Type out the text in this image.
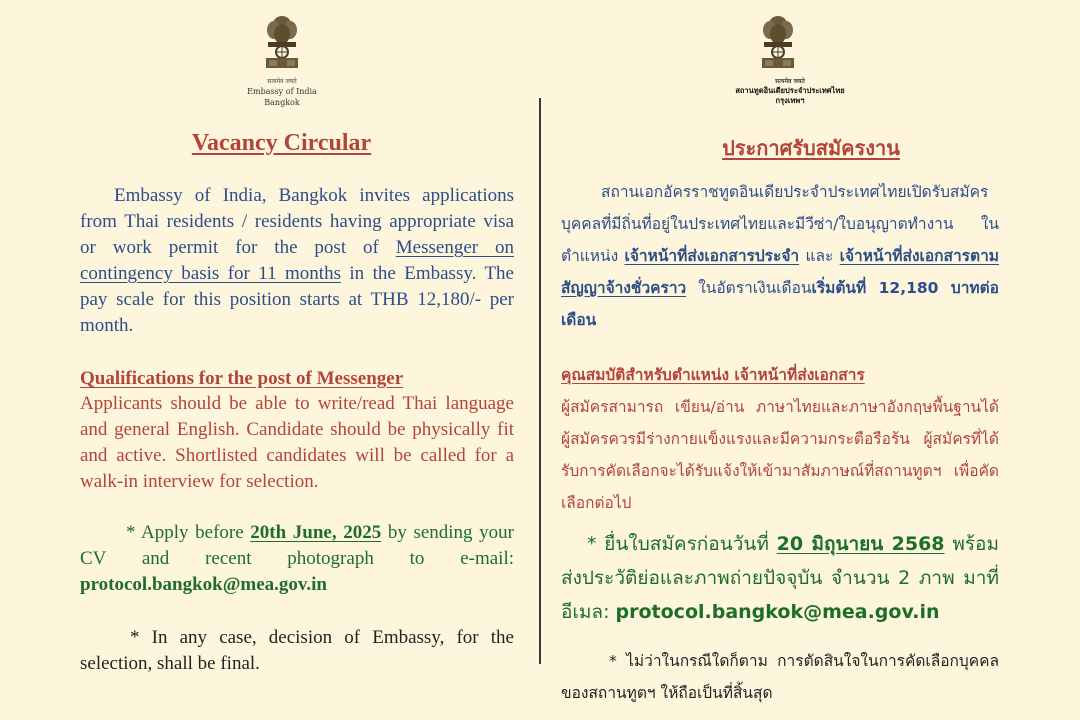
सत्यमेव जयते
Embassy of India
Bangkok
सत्यमेव जयते
สถานทูตอินเดียประจำประเทศไทย
กรุงเทพฯ
Vacancy Circular
Embassy of India, Bangkok invites applications from Thai residents / residents having appropriate visa or work permit for the post of Messenger on contingency basis for 11 months in the Embassy. The pay scale for this position starts at THB 12,180/- per month.
Qualifications for the post of Messenger
Applicants should be able to write/read Thai language and general English. Candidate should be physically fit and active. Shortlisted candidates will be called for a walk-in interview for selection.
* Apply before 20th June, 2025 by sending your CV and recent photograph to e-mail: protocol.bangkok@mea.gov.in
* In any case, decision of Embassy, for the selection, shall be final.
ประกาศรับสมัครงาน
สถานเอกอัครราชทูตอินเดียประจำประเทศไทยเปิดรับสมัครบุคคลที่มีถิ่นที่อยู่ในประเทศไทยและมีวีซ่า/ใบอนุญาตทำงาน ในตำแหน่ง เจ้าหน้าที่ส่งเอกสารประจำ และ เจ้าหน้าที่ส่งเอกสารตามสัญญาจ้างชั่วคราว ในอัตราเงินเดือนเริ่มต้นที่ 12,180 บาทต่อเดือน
คุณสมบัติสำหรับตำแหน่ง เจ้าหน้าที่ส่งเอกสาร
ผู้สมัครสามารถ เขียน/อ่าน ภาษาไทยและภาษาอังกฤษพื้นฐานได้ ผู้สมัครควรมีร่างกายแข็งแรงและมีความกระตือรือร้น ผู้สมัครที่ได้รับการคัดเลือกจะได้รับแจ้งให้เข้ามาสัมภาษณ์ที่สถานทูตฯ เพื่อคัดเลือกต่อไป
* ยื่นใบสมัครก่อนวันที่ 20 มิถุนายน 2568 พร้อมส่งประวัติย่อและภาพถ่ายปัจจุบัน จำนวน 2 ภาพ มาที่อีเมล: protocol.bangkok@mea.gov.in
* ไม่ว่าในกรณีใดก็ตาม การตัดสินใจในการคัดเลือกบุคคลของสถานทูตฯ ให้ถือเป็นที่สิ้นสุด
